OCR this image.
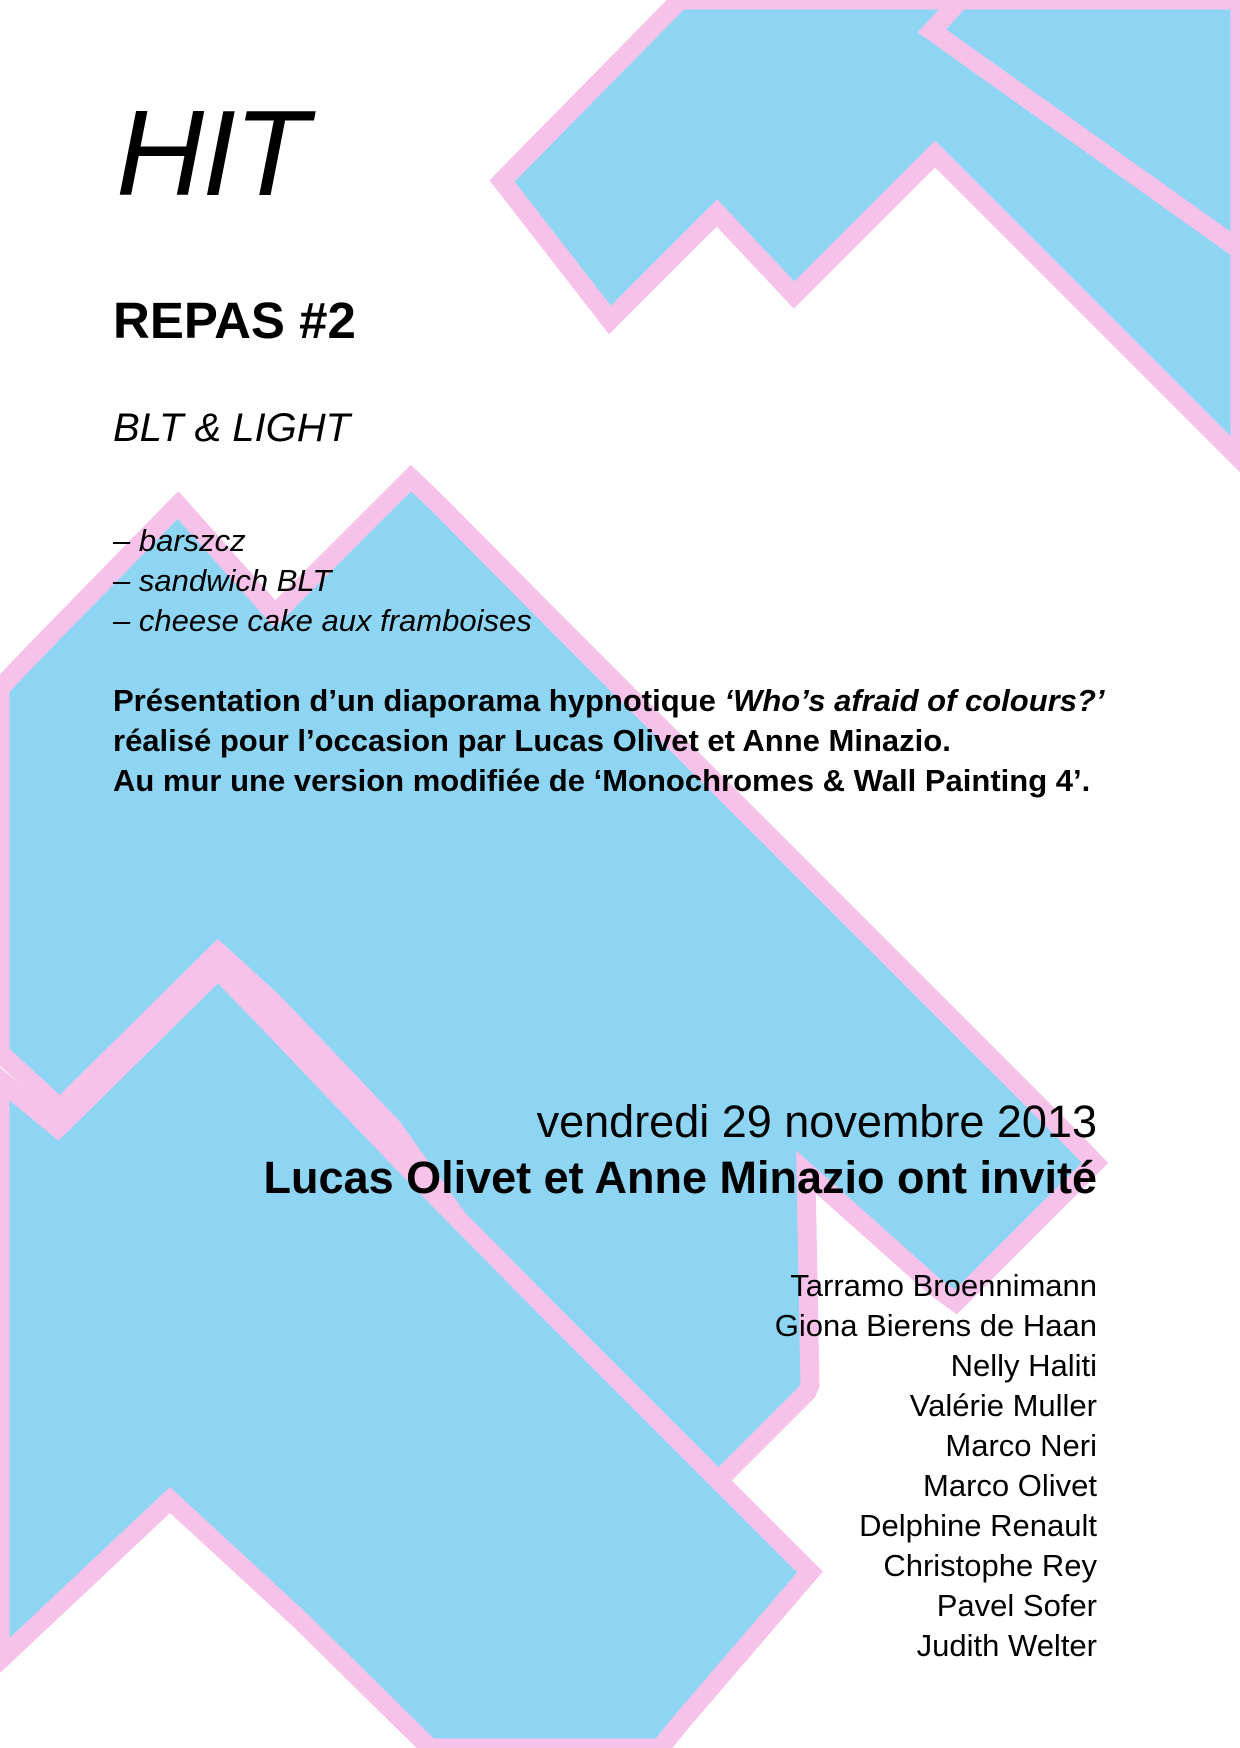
HIT
REPAS #2
BLT & LIGHT
– barszcz
– sandwich BLT
– cheese cake aux framboises
Présentation d’un diaporama hypnotique ‘Who’s afraid of colours?’
réalisé pour l’occasion par Lucas Olivet et Anne Minazio.
Au mur une version modifiée de ‘Monochromes & Wall Painting 4’.
vendredi 29 novembre 2013
Lucas Olivet et Anne Minazio ont invité
Tarramo Broennimann
Giona Bierens de Haan
Nelly Haliti
Valérie Muller
Marco Neri
Marco Olivet
Delphine Renault
Christophe Rey
Pavel Sofer
Judith Welter
